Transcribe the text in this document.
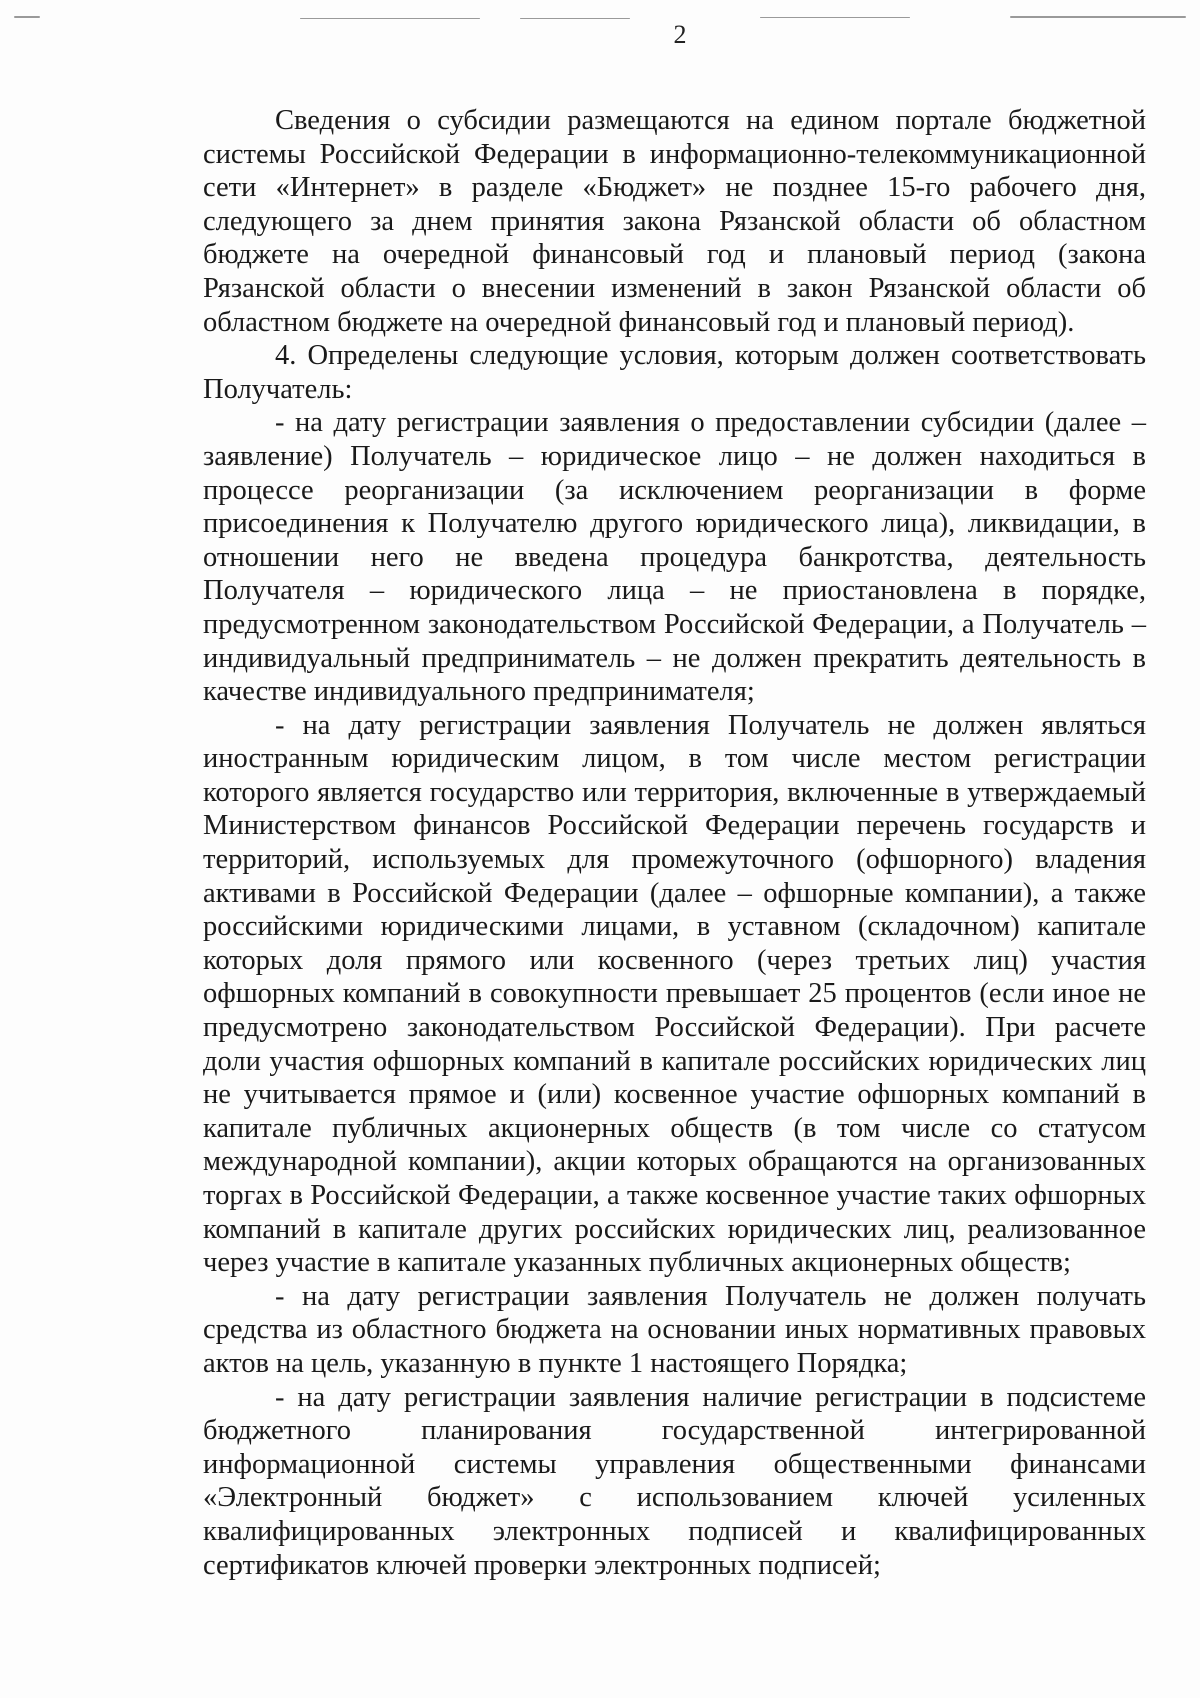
2

Сведения о субсидии размещаются на едином портале бюджетной системы Российской Федерации в информационно-телекоммуникационной сети «Интернет» в разделе «Бюджет» не позднее 15-го рабочего дня, следующего за днем принятия закона Рязанской области об областном бюджете на очередной финансовый год и плановый период (закона Рязанской области о внесении изменений в закон Рязанской области об областном бюджете на очередной финансовый год и плановый период).

4. Определены следующие условия, которым должен соответствовать Получатель:

- на дату регистрации заявления о предоставлении субсидии (далее – заявление) Получатель – юридическое лицо – не должен находиться в процессе реорганизации (за исключением реорганизации в форме присоединения к Получателю другого юридического лица), ликвидации, в отношении него не введена процедура банкротства, деятельность Получателя – юридического лица – не приостановлена в порядке, предусмотренном законодательством Российской Федерации, а Получатель – индивидуальный предприниматель – не должен прекратить деятельность в качестве индивидуального предпринимателя;

- на дату регистрации заявления Получатель не должен являться иностранным юридическим лицом, в том числе местом регистрации которого является государство или территория, включенные в утверждаемый Министерством финансов Российской Федерации перечень государств и территорий, используемых для промежуточного (офшорного) владения активами в Российской Федерации (далее – офшорные компании), а также российскими юридическими лицами, в уставном (складочном) капитале которых доля прямого или косвенного (через третьих лиц) участия офшорных компаний в совокупности превышает 25 процентов (если иное не предусмотрено законодательством Российской Федерации). При расчете доли участия офшорных компаний в капитале российских юридических лиц не учитывается прямое и (или) косвенное участие офшорных компаний в капитале публичных акционерных обществ (в том числе со статусом международной компании), акции которых обращаются на организованных торгах в Российской Федерации, а также косвенное участие таких офшорных компаний в капитале других российских юридических лиц, реализованное через участие в капитале указанных публичных акционерных обществ;

- на дату регистрации заявления Получатель не должен получать средства из областного бюджета на основании иных нормативных правовых актов на цель, указанную в пункте 1 настоящего Порядка;

- на дату регистрации заявления наличие регистрации в подсистеме бюджетного планирования государственной интегрированной информационной системы управления общественными финансами «Электронный бюджет» с использованием ключей усиленных квалифицированных электронных подписей и квалифицированных сертификатов ключей проверки электронных подписей;
